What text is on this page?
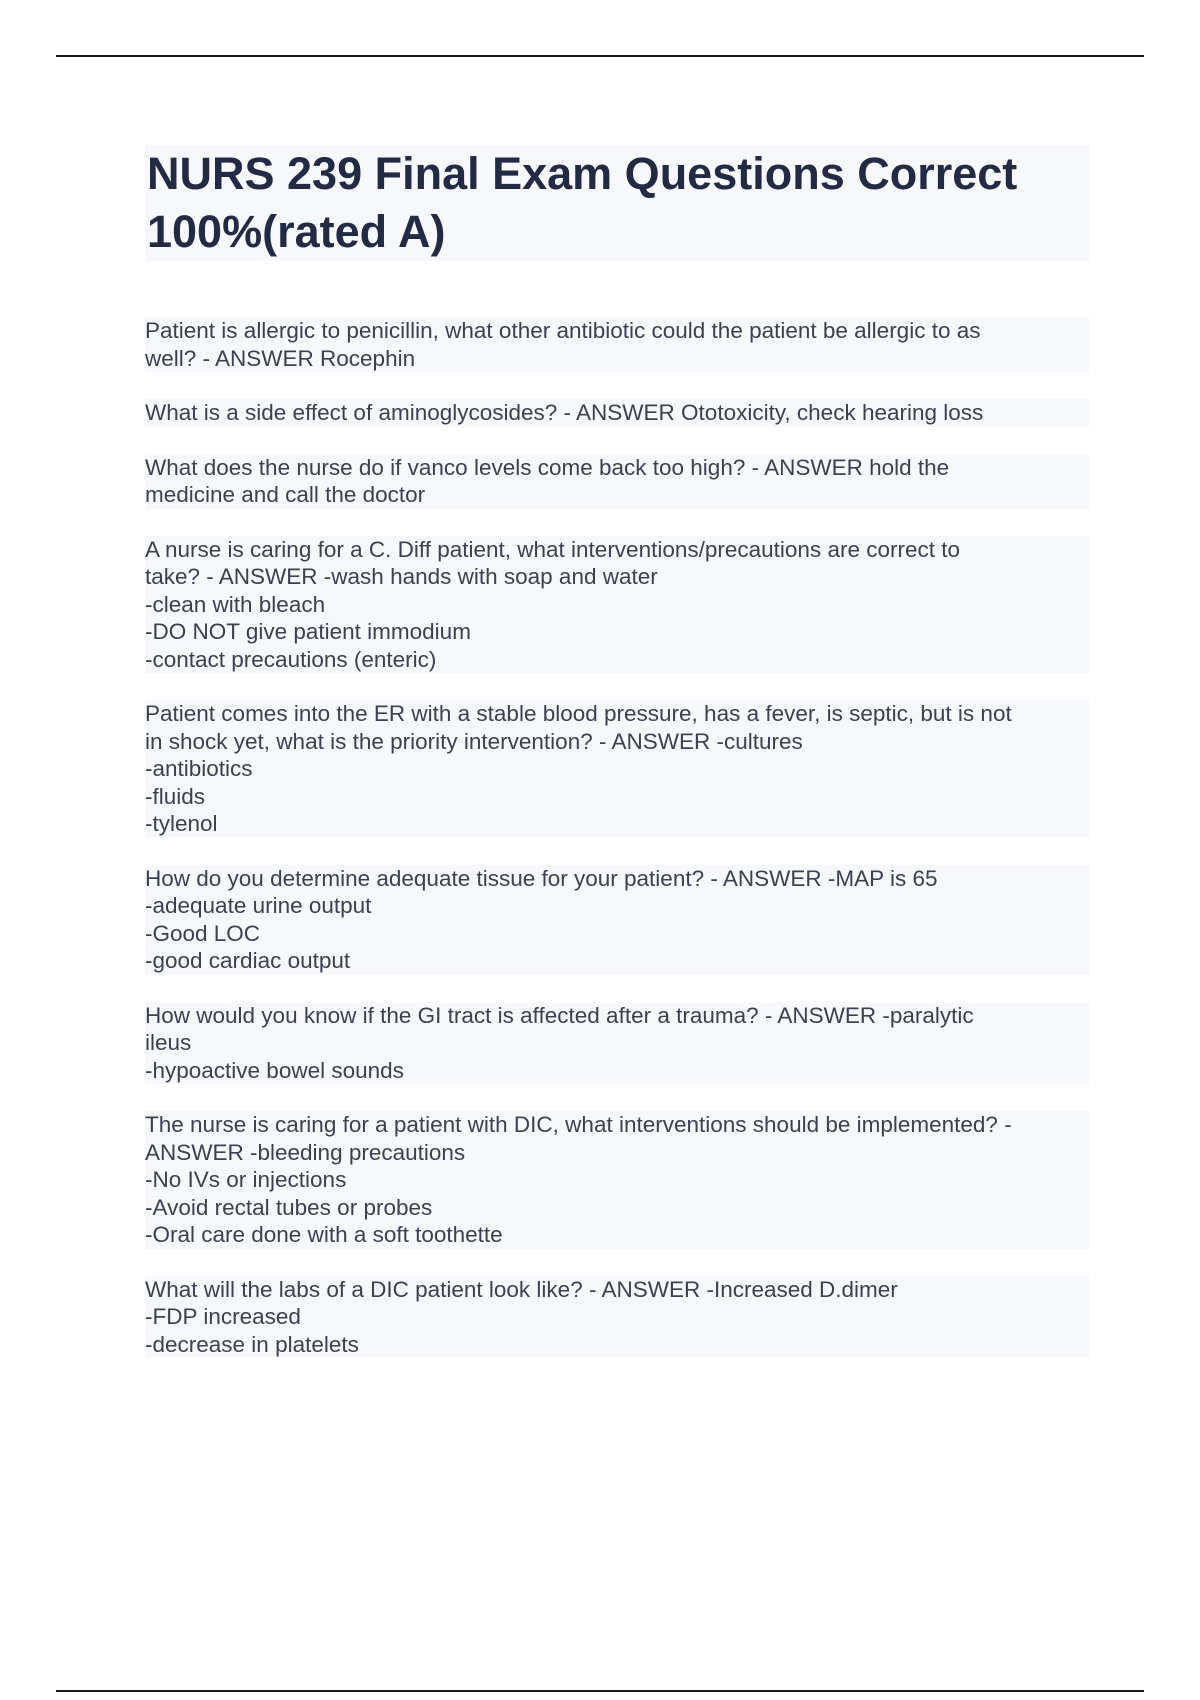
NURS 239 Final Exam Questions Correct 100%(rated A)
Patient is allergic to penicillin, what other antibiotic could the patient be allergic to as
well? - ANSWER Rocephin
What is a side effect of aminoglycosides? - ANSWER Ototoxicity, check hearing loss
What does the nurse do if vanco levels come back too high? - ANSWER hold the
medicine and call the doctor
A nurse is caring for a C. Diff patient, what interventions/precautions are correct to
take? - ANSWER -wash hands with soap and water
-clean with bleach
-DO NOT give patient immodium
-contact precautions (enteric)
Patient comes into the ER with a stable blood pressure, has a fever, is septic, but is not
in shock yet, what is the priority intervention? - ANSWER -cultures
-antibiotics
-fluids
-tylenol
How do you determine adequate tissue for your patient? - ANSWER -MAP is 65
-adequate urine output
-Good LOC
-good cardiac output
How would you know if the GI tract is affected after a trauma? - ANSWER -paralytic
ileus
-hypoactive bowel sounds
The nurse is caring for a patient with DIC, what interventions should be implemented? -
ANSWER -bleeding precautions
-No IVs or injections
-Avoid rectal tubes or probes
-Oral care done with a soft toothette
What will the labs of a DIC patient look like? - ANSWER -Increased D.dimer
-FDP increased
-decrease in platelets
